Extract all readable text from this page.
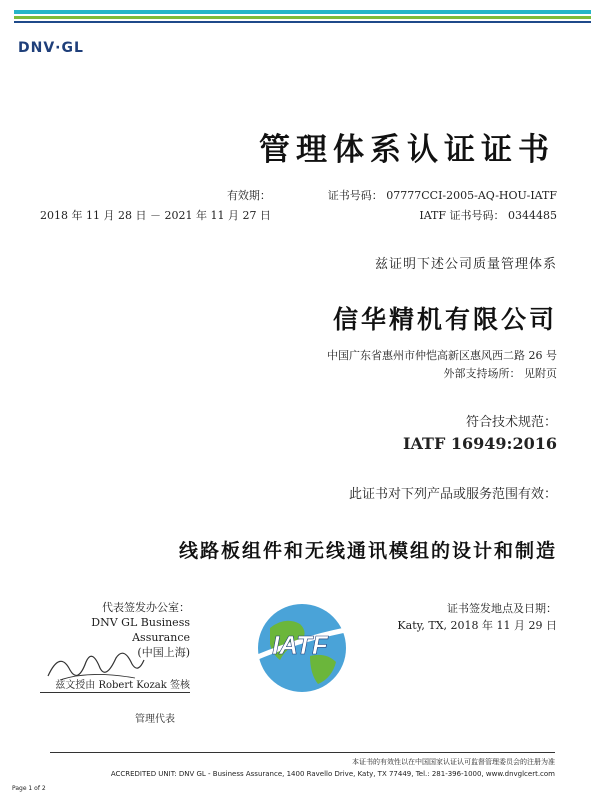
DNV·GL
管理体系认证证书
证书号码： 07777CCI-2005-AQ-HOU-IATF
IATF 证书号码： 0344485
有效期：
2018 年 11 月 28 日 － 2021 年 11 月 27 日
兹证明下述公司质量管理体系
信华精机有限公司
中国广东省惠州市仲恺高新区惠风西二路 26 号
外部支持场所： 见附页
符合技术规范：
IATF 16949:2016
此证书对下列产品或服务范围有效：
线路板组件和无线通讯模组的设计和制造
证书签发地点及日期：
Katy, TX, 2018 年 11 月 29 日
IATF
代表签发办公室：
DNV GL Business Assurance
(中国上海)
兹文授由 Robert Kozak 签核
管理代表
本证书的有效性以在中国国家认证认可监督管理委员会的注册为准
ACCREDITED UNIT: DNV GL - Business Assurance, 1400 Ravello Drive, Katy, TX 77449, Tel.: 281-396-1000, www.dnvglcert.com
Page 1 of 2
